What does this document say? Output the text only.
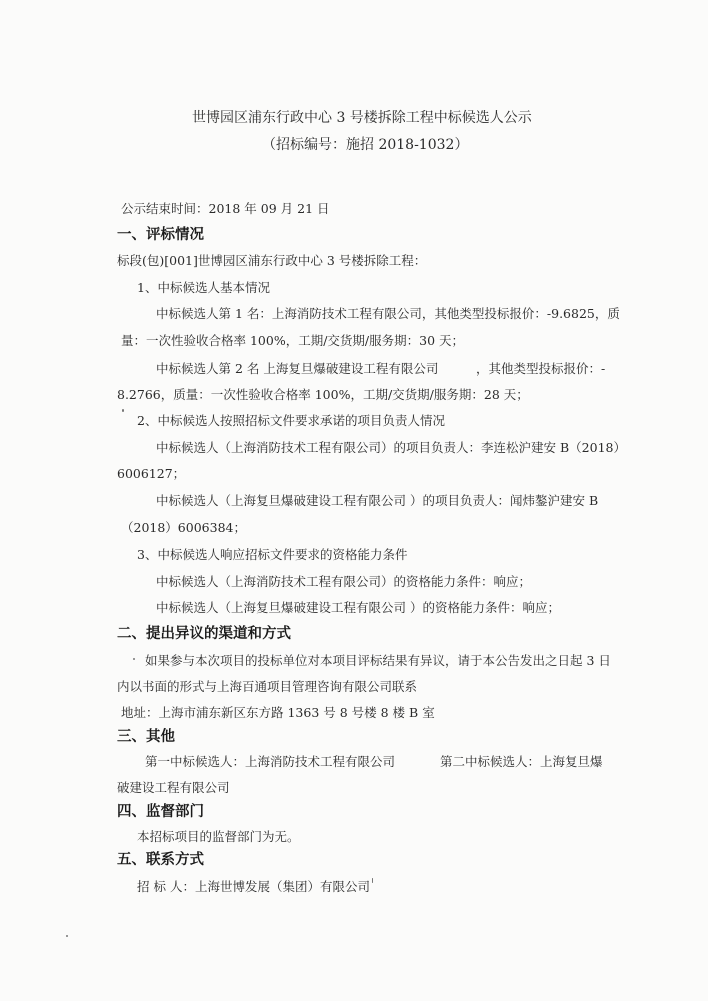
世博园区浦东行政中心 3 号楼拆除工程中标候选人公示
（招标编号：施招 2018-1032）
公示结束时间：2018 年 09 月 21 日
一、评标情况
标段(包)[001]世博园区浦东行政中心 3 号楼拆除工程：
1、中标候选人基本情况
中标候选人第 1 名：上海消防技术工程有限公司，其他类型投标报价：-9.6825，质
量：一次性验收合格率 100%，工期/交货期/服务期：30 天；
中标候选人第 2 名 上海复旦爆破建设工程有限公司	，其他类型投标报价：-
8.2766，质量：一次性验收合格率 100%，工期/交货期/服务期：28 天；
2、中标候选人按照招标文件要求承诺的项目负责人情况
中标候选人（上海消防技术工程有限公司）的项目负责人：李连松沪建安 B（2018）
6006127；
中标候选人（上海复旦爆破建设工程有限公司 ）的项目负责人：闻炜鏊沪建安 B
（2018）6006384；
3、中标候选人响应招标文件要求的资格能力条件
中标候选人（上海消防技术工程有限公司）的资格能力条件：响应；
中标候选人（上海复旦爆破建设工程有限公司 ）的资格能力条件：响应；
二、提出异议的渠道和方式
如果参与本次项目的投标单位对本项目评标结果有异议，请于本公告发出之日起 3 日
内以书面的形式与上海百通项目管理咨询有限公司联系
地址：上海市浦东新区东方路 1363 号 8 号楼 8 楼 B 室
三、其他
第一中标候选人：上海消防技术工程有限公司	第二中标候选人：上海复旦爆
破建设工程有限公司
四、监督部门
本招标项目的监督部门为无。
五、联系方式
招 标 人：上海世博发展（集团）有限公司
